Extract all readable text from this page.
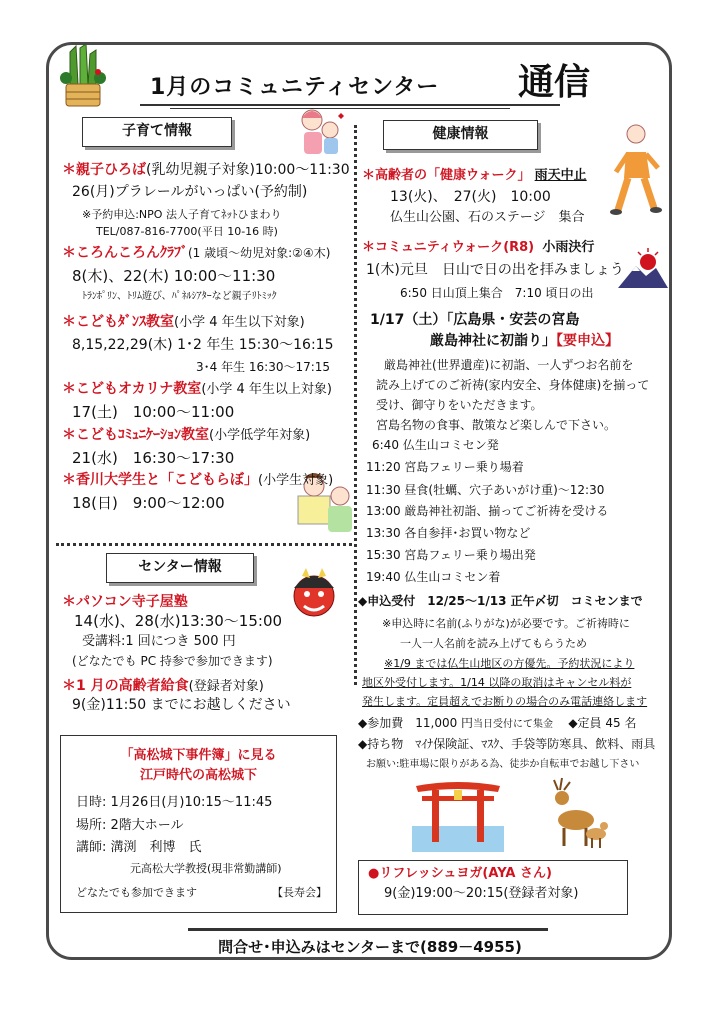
1月のコミュニティセンター 通信
子育て情報
センター情報
健康情報
＊親子ひろば(乳幼児親子対象)10:00～11:30
26(月)プラレールがいっぱい(予約制)
※予約申込:NPO 法人子育てﾈｯﾄひまわり
TEL/087-816-7700(平日 10-16 時)
＊ころんころんｸﾗﾌﾞ(1 歳頃～幼児対象:②④木)
8(木)、22(木) 10:00～11:30
ﾄﾗﾝﾎﾟﾘﾝ、ﾄﾘﾑ遊び、ﾊﾟﾈﾙｼｱﾀｰなど親子ﾘﾄﾐｯｸ
＊こどもﾀﾞﾝｽ教室(小学 4 年生以下対象)
8,15,22,29(木) 1･2 年生 15:30～16:15
3･4 年生 16:30～17:15
＊こどもオカリナ教室(小学 4 年生以上対象)
17(土)　10:00～11:00
＊こどもｺﾐｭﾆｹｰｼｮﾝ教室(小学低学年対象)
21(水)　16:30～17:30
＊香川大学生と「こどもらぼ」(小学生対象)
18(日)　9:00～12:00
＊パソコン寺子屋塾
14(水)、28(水)13:30～15:00
受講料:1 回につき 500 円
(どなたでも PC 持参で参加できます)
＊1 月の高齢者給食(登録者対象)
9(金)11:50 までにお越しください
「高松城下事件簿」に見る
江戸時代の高松城下
日時: 1月26日(月)10:15～11:45
場所: 2階大ホール
講師: 溝渕　利博　氏
元高松大学教授(現非常勤講師)
どなたでも参加できます	【長寿会】
＊高齢者の「健康ウォーク」 雨天中止
13(火)、　27(火)　10:00
仏生山公園、石のステージ　集合
＊コミュニティウォーク(R8) 小雨決行
1(木)元旦　日山で日の出を拝みましょう
6:50 日山頂上集合　7:10 頃日の出
1/17（土）「広島県・安芸の宮島
厳島神社に初詣り」【要申込】
厳島神社(世界遺産)に初詣、一人ずつお名前を
読み上げてのご祈祷(家内安全、身体健康)を揃って
受け、御守りをいただきます。
宮島名物の食事、散策など楽しんで下さい。
6:40 仏生山コミセン発
11:20 宮島フェリー乗り場着
11:30 昼食(牡蠣、穴子あいがけ重)～12:30
13:00 厳島神社初詣、揃ってご祈祷を受ける
13:30 各自参拝･お買い物など
15:30 宮島フェリー乗り場出発
19:40 仏生山コミセン着
◆申込受付　12/25～1/13 正午〆切　コミセンまで
※申込時に名前(ふりがな)が必要です。ご祈祷時に
一人一人名前を読み上げてもらうため
※1/9 までは仏生山地区の方優先。予約状況により
地区外受付します。1/14 以降の取消はキャンセル料が
発生します。定員超えでお断りの場合のみ電話連絡します
◆参加費　11,000 円当日受付にて集金 ◆定員 45 名
◆持ち物　ﾏｲﾅ保険証、ﾏｽｸ、手袋等防寒具、飲料、雨具
お願い:駐車場に限りがある為、徒歩か自転車でお越し下さい
●リフレッシュヨガ(AYA さん)
9(金)19:00～20:15(登録者対象)
問合せ･申込みはセンターまで(889－4955)
